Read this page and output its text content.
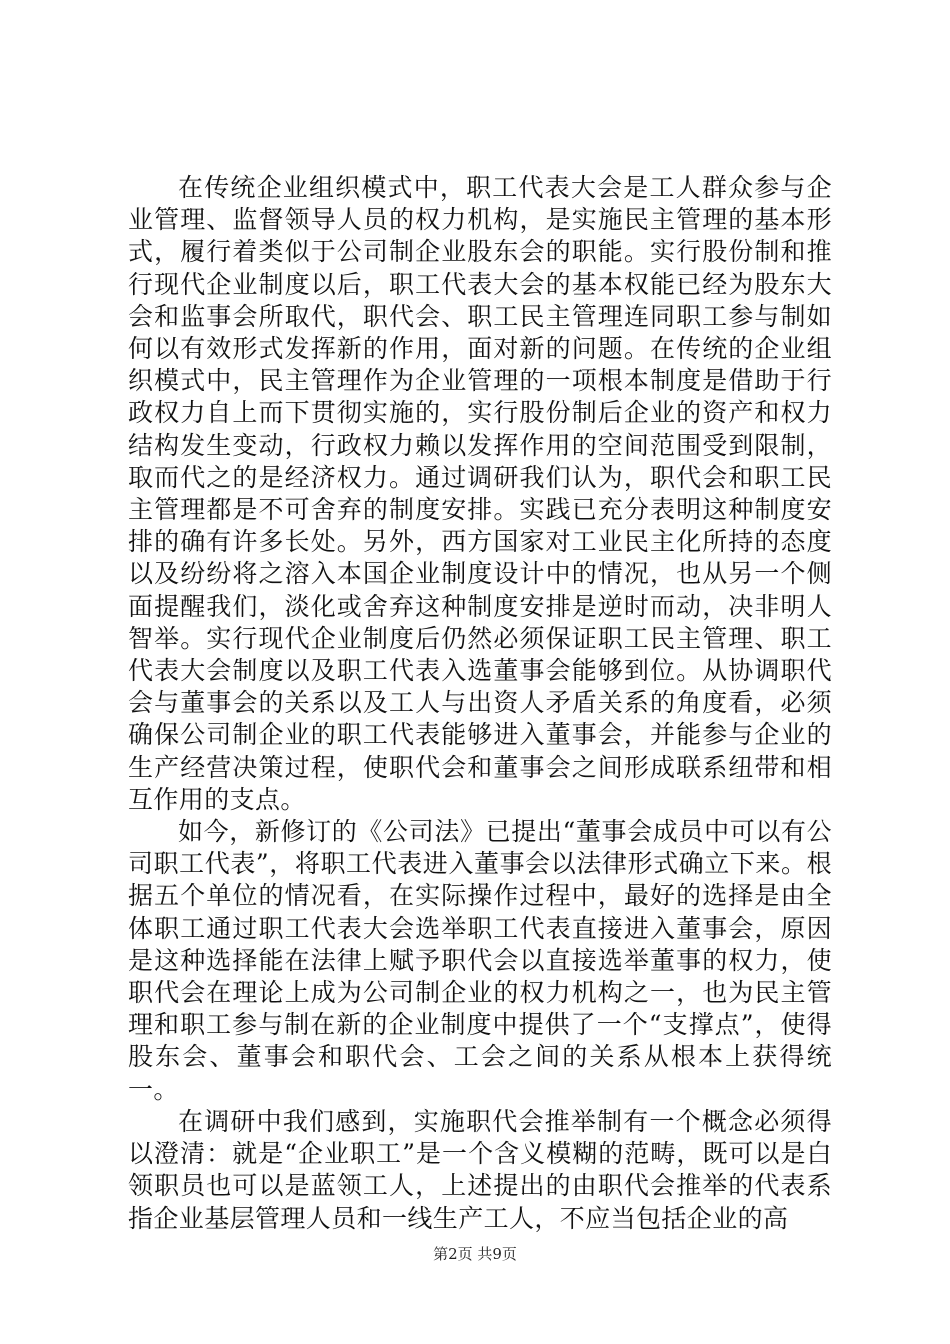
在传统企业组织模式中，职工代表大会是工人群众参与企业管理、监督领导人员的权力机构，是实施民主管理的基本形式，履行着类似于公司制企业股东会的职能。实行股份制和推行现代企业制度以后，职工代表大会的基本权能已经为股东大会和监事会所取代，职代会、职工民主管理连同职工参与制如何以有效形式发挥新的作用，面对新的问题。在传统的企业组织模式中，民主管理作为企业管理的一项根本制度是借助于行政权力自上而下贯彻实施的，实行股份制后企业的资产和权力结构发生变动，行政权力赖以发挥作用的空间范围受到限制，取而代之的是经济权力。通过调研我们认为，职代会和职工民主管理都是不可舍弃的制度安排。实践已充分表明这种制度安排的确有许多长处。另外，西方国家对工业民主化所持的态度以及纷纷将之溶入本国企业制度设计中的情况，也从另一个侧面提醒我们，淡化或舍弃这种制度安排是逆时而动，决非明人智举。实行现代企业制度后仍然必须保证职工民主管理、职工代表大会制度以及职工代表入选董事会能够到位。从协调职代会与董事会的关系以及工人与出资人矛盾关系的角度看，必须确保公司制企业的职工代表能够进入董事会，并能参与企业的生产经营决策过程，使职代会和董事会之间形成联系纽带和相互作用的支点。

如今，新修订的《公司法》已提出“董事会成员中可以有公司职工代表”，将职工代表进入董事会以法律形式确立下来。根据五个单位的情况看，在实际操作过程中，最好的选择是由全体职工通过职工代表大会选举职工代表直接进入董事会，原因是这种选择能在法律上赋予职代会以直接选举董事的权力，使职代会在理论上成为公司制企业的权力机构之一，也为民主管理和职工参与制在新的企业制度中提供了一个“支撑点”，使得股东会、董事会和职代会、工会之间的关系从根本上获得统一。

在调研中我们感到，实施职代会推举制有一个概念必须得以澄清：就是“企业职工”是一个含义模糊的范畴，既可以是白领职员也可以是蓝领工人，上述提出的由职代会推举的代表系指企业基层管理人员和一线生产工人，不应当包括企业的高

第2页 共9页
